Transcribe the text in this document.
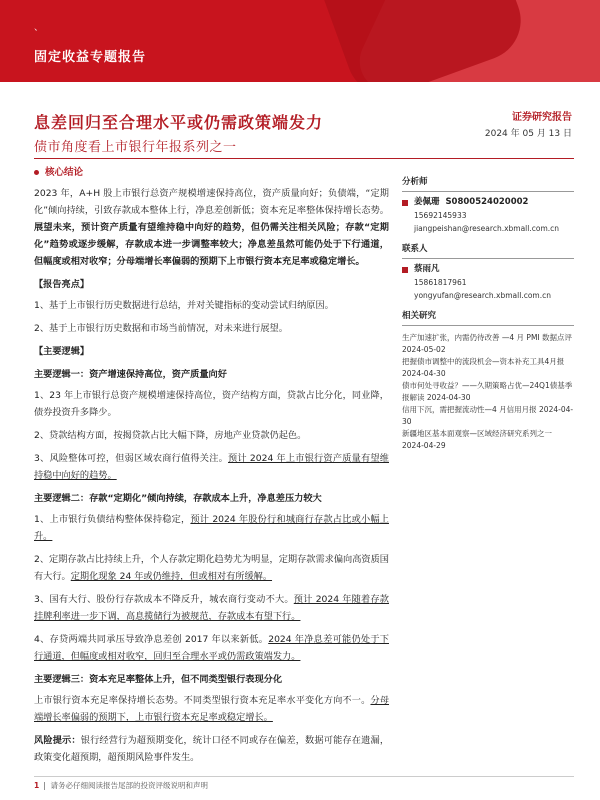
、
固定收益专题报告
息差回归至合理水平或仍需政策端发力
债市角度看上市银行年报系列之一
证券研究报告
2024 年 05 月 13 日
核心结论
2023 年，A+H 股上市银行总资产规模增速保持高位，资产质量向好；负债端，“定期化”倾向持续，引致存款成本整体上行，净息差创新低；资本充足率整体保持增长态势。展望未来，预计资产质量有望维持稳中向好的趋势，但仍需关注相关风险；存款“定期化”趋势或逐步缓解，存款成本进一步调整率较大；净息差虽然可能仍处于下行通道，但幅度或相对收窄；分母端增长率偏弱的预期下上市银行资本充足率或稳定增长。
【报告亮点】
1、基于上市银行历史数据进行总结，并对关键指标的变动尝试归纳原因。
2、基于上市银行历史数据和市场当前情况，对未来进行展望。
【主要逻辑】
主要逻辑一：资产增速保持高位，资产质量向好
1、23 年上市银行总资产规模增速保持高位，资产结构方面，贷款占比分化，同业降，债券投资升多降少。
2、贷款结构方面，按揭贷款占比大幅下降，房地产业贷款仍起色。
3、风险整体可控，但弱区域农商行值得关注。预计 2024 年上市银行资产质量有望维持稳中向好的趋势。
主要逻辑二：存款“定期化”倾向持续，存款成本上升，净息差压力较大
1、上市银行负债结构整体保持稳定，预计 2024 年股份行和城商行存款占比或小幅上升。
2、定期存款占比持续上升，个人存款定期化趋势尤为明显，定期存款需求偏向高资质国有大行。定期化现象 24 年或仍维持，但或相对有所缓解。
3、国有大行、股份行存款成本不降反升，城农商行变动不大。预计 2024 年随着存款挂牌利率进一步下调，高息揽储行为被规范，存款成本有望下行。
4、存贷两端共同承压导致净息差创 2017 年以来新低。2024 年净息差可能仍处于下行通道，但幅度或相对收窄，回归至合理水平或仍需政策端发力。
主要逻辑三：资本充足率整体上升，但不同类型银行表现分化
上市银行资本充足率保持增长态势。不同类型银行资本充足率水平变化方向不一。分母端增长率偏弱的预期下，上市银行资本充足率或稳定增长。
风险提示：银行经营行为超预期变化，统计口径不同或存在偏差，数据可能存在遗漏，政策变化超预期，超预期风险事件发生。
分析师
姜佩珊
S0800524020002
15692145933
jiangpeishan@research.xbmall.com.cn
联系人
蔡雨凡
15861817961
yongyufan@research.xbmall.com.cn
相关研究
生产加速扩张，内需仍待改善 —4 月 PMI 数据点评 2024-05-02
把握债市调整中的流段机会—资本补充工具4月报 2024-04-30
债市何处寻收益？——久期策略占优—24Q1债基季报解读 2024-04-30
信用下沉，需把握流动性—4 月信用月报 2024-04-30
新疆地区基本面观察—区域经济研究系列之一 2024-04-29
1 |  请务必仔细阅读报告尾部的投资评级说明和声明
